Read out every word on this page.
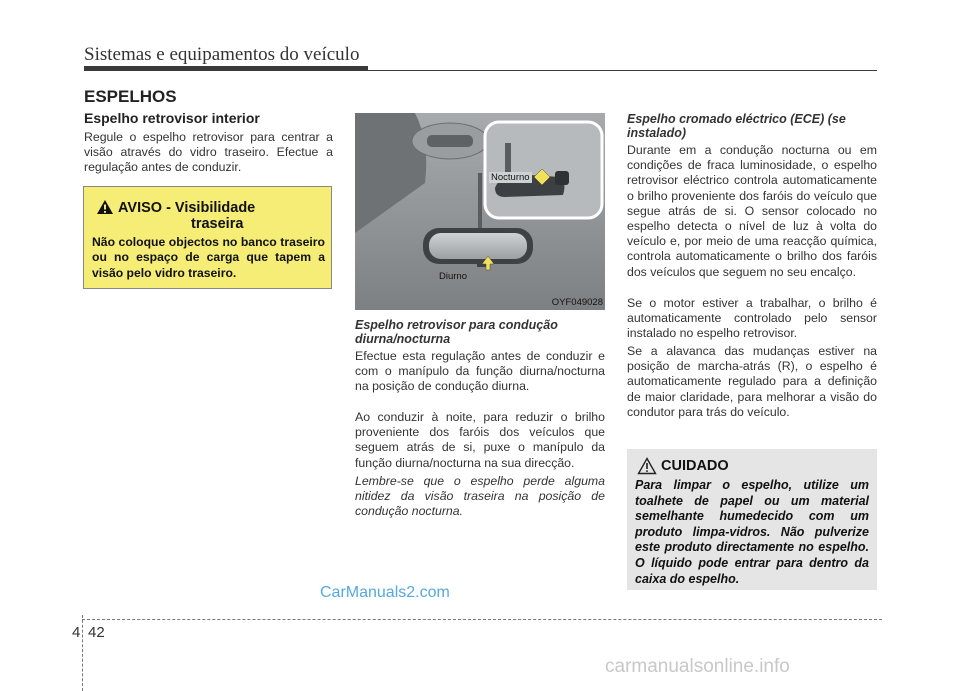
Sistemas e equipamentos do veículo
ESPELHOS
Espelho retrovisor interior
Regule o espelho retrovisor para centrar a visão através do vidro traseiro. Efectue a regulação antes de conduzir.
AVISO - Visibilidade
traseira
Não coloque objectos no banco traseiro ou no espaço de carga que tapem a visão pelo vidro traseiro.
Nocturno
Diurno
OYF049028
Espelho retrovisor para condução diurna/nocturna
Efectue esta regulação antes de conduzir e com o manípulo da função diurna/nocturna na posição de condução diurna.
Ao conduzir à noite, para reduzir o brilho proveniente dos faróis dos veículos que seguem atrás de si, puxe o manípulo da função diurna/nocturna na sua direcção.
Lembre-se que o espelho perde alguma nitidez da visão traseira na posição de condução nocturna.
Espelho cromado eléctrico (ECE) (se instalado)
Durante em a condução nocturna ou em condições de fraca luminosidade, o espelho retrovisor eléctrico controla automaticamente o brilho proveniente dos faróis do veículo que segue atrás de si. O sensor colocado no espelho detecta o nível de luz à volta do veículo e, por meio de uma reacção química, controla automaticamente o brilho dos faróis dos veículos que seguem no seu encalço.
Se o motor estiver a trabalhar, o brilho é automaticamente controlado pelo sensor instalado no espelho retrovisor.
Se a alavanca das mudanças estiver na posição de marcha-atrás (R), o espelho é automaticamente regulado para a definição de maior claridade, para melhorar a visão do condutor para trás do veículo.
CUIDADO
Para limpar o espelho, utilize um toalhete de papel ou um material semelhante humedecido com um produto limpa-vidros. Não pulverize este produto directamente no espelho. O líquido pode entrar para dentro da caixa do espelho.
CarManuals2.com
4 42
carmanualsonline.info
